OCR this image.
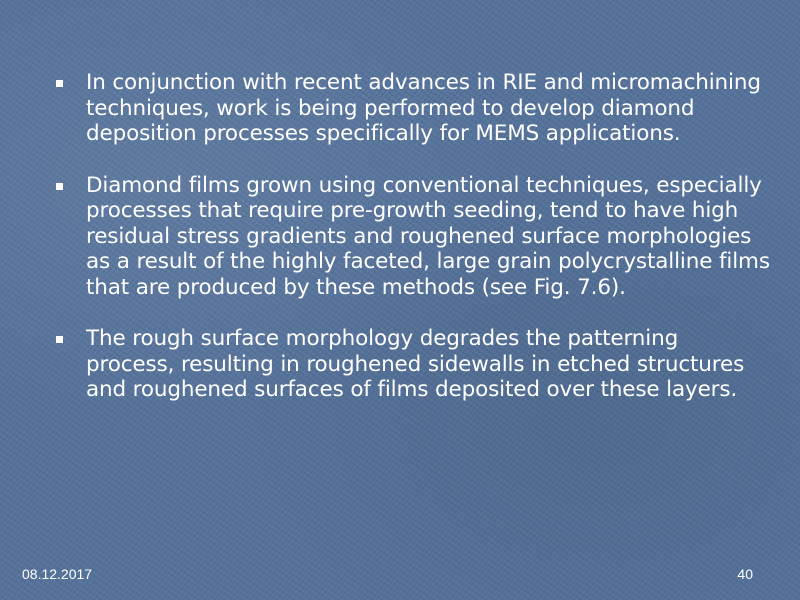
In conjunction with recent advances in RIE and micromachining techniques, work is being performed to develop diamond deposition processes specifically for MEMS applications.
Diamond films grown using conventional techniques, especially processes that require pre-growth seeding, tend to have high residual stress gradients and roughened surface morphologies as a result of the highly faceted, large grain polycrystalline films that are produced by these methods (see Fig. 7.6).
The rough surface morphology degrades the patterning process, resulting in roughened sidewalls in etched structures and roughened surfaces of films deposited over these layers.
08.12.2017	40
